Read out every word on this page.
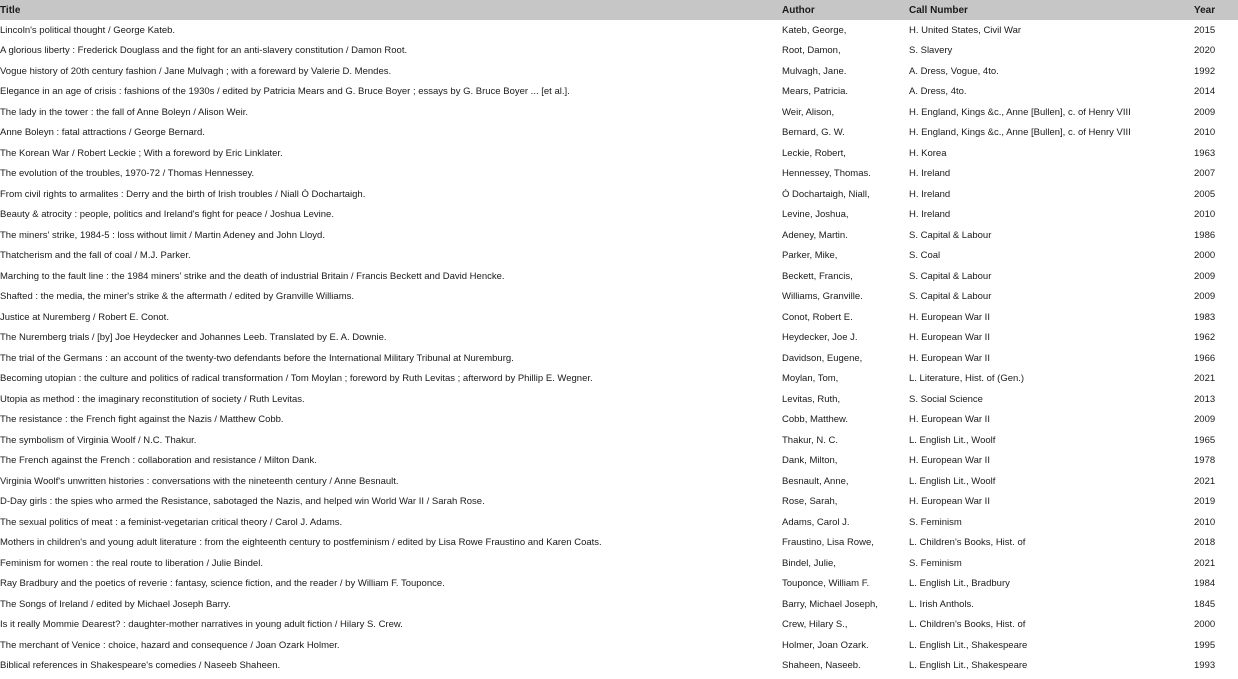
Title	Author	Call Number	Year
Lincoln's political thought / George Kateb.	Kateb, George,	H. United States, Civil War	2015
A glorious liberty : Frederick Douglass and the fight for an anti-slavery constitution / Damon Root.	Root, Damon,	S. Slavery	2020
Vogue history of 20th century fashion / Jane Mulvagh ; with a foreward by Valerie D. Mendes.	Mulvagh, Jane.	A. Dress, Vogue, 4to.	1992
Elegance in an age of crisis : fashions of the 1930s / edited by Patricia Mears and G. Bruce Boyer ; essays by G. Bruce Boyer ... [et al.].	Mears, Patricia.	A. Dress, 4to.	2014
The lady in the tower : the fall of Anne Boleyn / Alison Weir.	Weir, Alison,	H. England, Kings &c., Anne [Bullen], c. of Henry VIII	2009
Anne Boleyn : fatal attractions / George Bernard.	Bernard, G. W.	H. England, Kings &c., Anne [Bullen], c. of Henry VIII	2010
The Korean War / Robert Leckie ; With a foreword by Eric Linklater.	Leckie, Robert,	H. Korea	1963
The evolution of the troubles, 1970-72 / Thomas Hennessey.	Hennessey, Thomas.	H. Ireland	2007
From civil rights to armalites : Derry and the birth of Irish troubles / Niall Ó Dochartaigh.	Ó Dochartaigh, Niall,	H. Ireland	2005
Beauty & atrocity : people, politics and Ireland's fight for peace / Joshua Levine.	Levine, Joshua,	H. Ireland	2010
The miners' strike, 1984-5 : loss without limit / Martin Adeney and John Lloyd.	Adeney, Martin.	S. Capital & Labour	1986
Thatcherism and the fall of coal / M.J. Parker.	Parker, Mike,	S. Coal	2000
Marching to the fault line : the 1984 miners' strike and the death of industrial Britain / Francis Beckett and David Hencke.	Beckett, Francis,	S. Capital & Labour	2009
Shafted : the media, the miner's strike & the aftermath / edited by Granville Williams.	Williams, Granville.	S. Capital & Labour	2009
Justice at Nuremberg / Robert E. Conot.	Conot, Robert E.	H. European War II	1983
The Nuremberg trials / [by] Joe Heydecker and Johannes Leeb. Translated by E. A. Downie.	Heydecker, Joe J.	H. European War II	1962
The trial of the Germans : an account of the twenty-two defendants before the International Military Tribunal at Nuremburg.	Davidson, Eugene,	H. European War II	1966
Becoming utopian : the culture and politics of radical transformation / Tom Moylan ; foreword by Ruth Levitas ; afterword by Phillip E. Wegner.	Moylan, Tom,	L. Literature, Hist. of (Gen.)	2021
Utopia as method : the imaginary reconstitution of society / Ruth Levitas.	Levitas, Ruth,	S. Social Science	2013
The resistance : the French fight against the Nazis / Matthew Cobb.	Cobb, Matthew.	H. European War II	2009
The symbolism of Virginia Woolf / N.C. Thakur.	Thakur, N. C.	L. English Lit., Woolf	1965
The French against the French : collaboration and resistance / Milton Dank.	Dank, Milton,	H. European War II	1978
Virginia Woolf's unwritten histories : conversations with the nineteenth century / Anne Besnault.	Besnault, Anne,	L. English Lit., Woolf	2021
D-Day girls : the spies who armed the Resistance, sabotaged the Nazis, and helped win World War II / Sarah Rose.	Rose, Sarah,	H. European War II	2019
The sexual politics of meat : a feminist-vegetarian critical theory / Carol J. Adams.	Adams, Carol J.	S. Feminism	2010
Mothers in children's and young adult literature : from the eighteenth century to postfeminism / edited by Lisa Rowe Fraustino and Karen Coats.	Fraustino, Lisa Rowe,	L. Children's Books, Hist. of	2018
Feminism for women : the real route to liberation / Julie Bindel.	Bindel, Julie,	S. Feminism	2021
Ray Bradbury and the poetics of reverie : fantasy, science fiction, and the reader / by William F. Touponce.	Touponce, William F.	L. English Lit., Bradbury	1984
The Songs of Ireland / edited by Michael Joseph Barry.	Barry, Michael Joseph,	L. Irish Anthols.	1845
Is it really Mommie Dearest? : daughter-mother narratives in young adult fiction / Hilary S. Crew.	Crew, Hilary S.,	L. Children's Books, Hist. of	2000
The merchant of Venice : choice, hazard and consequence / Joan Ozark Holmer.	Holmer, Joan Ozark.	L. English Lit., Shakespeare	1995
Biblical references in Shakespeare's comedies / Naseeb Shaheen.	Shaheen, Naseeb.	L. English Lit., Shakespeare	1993
